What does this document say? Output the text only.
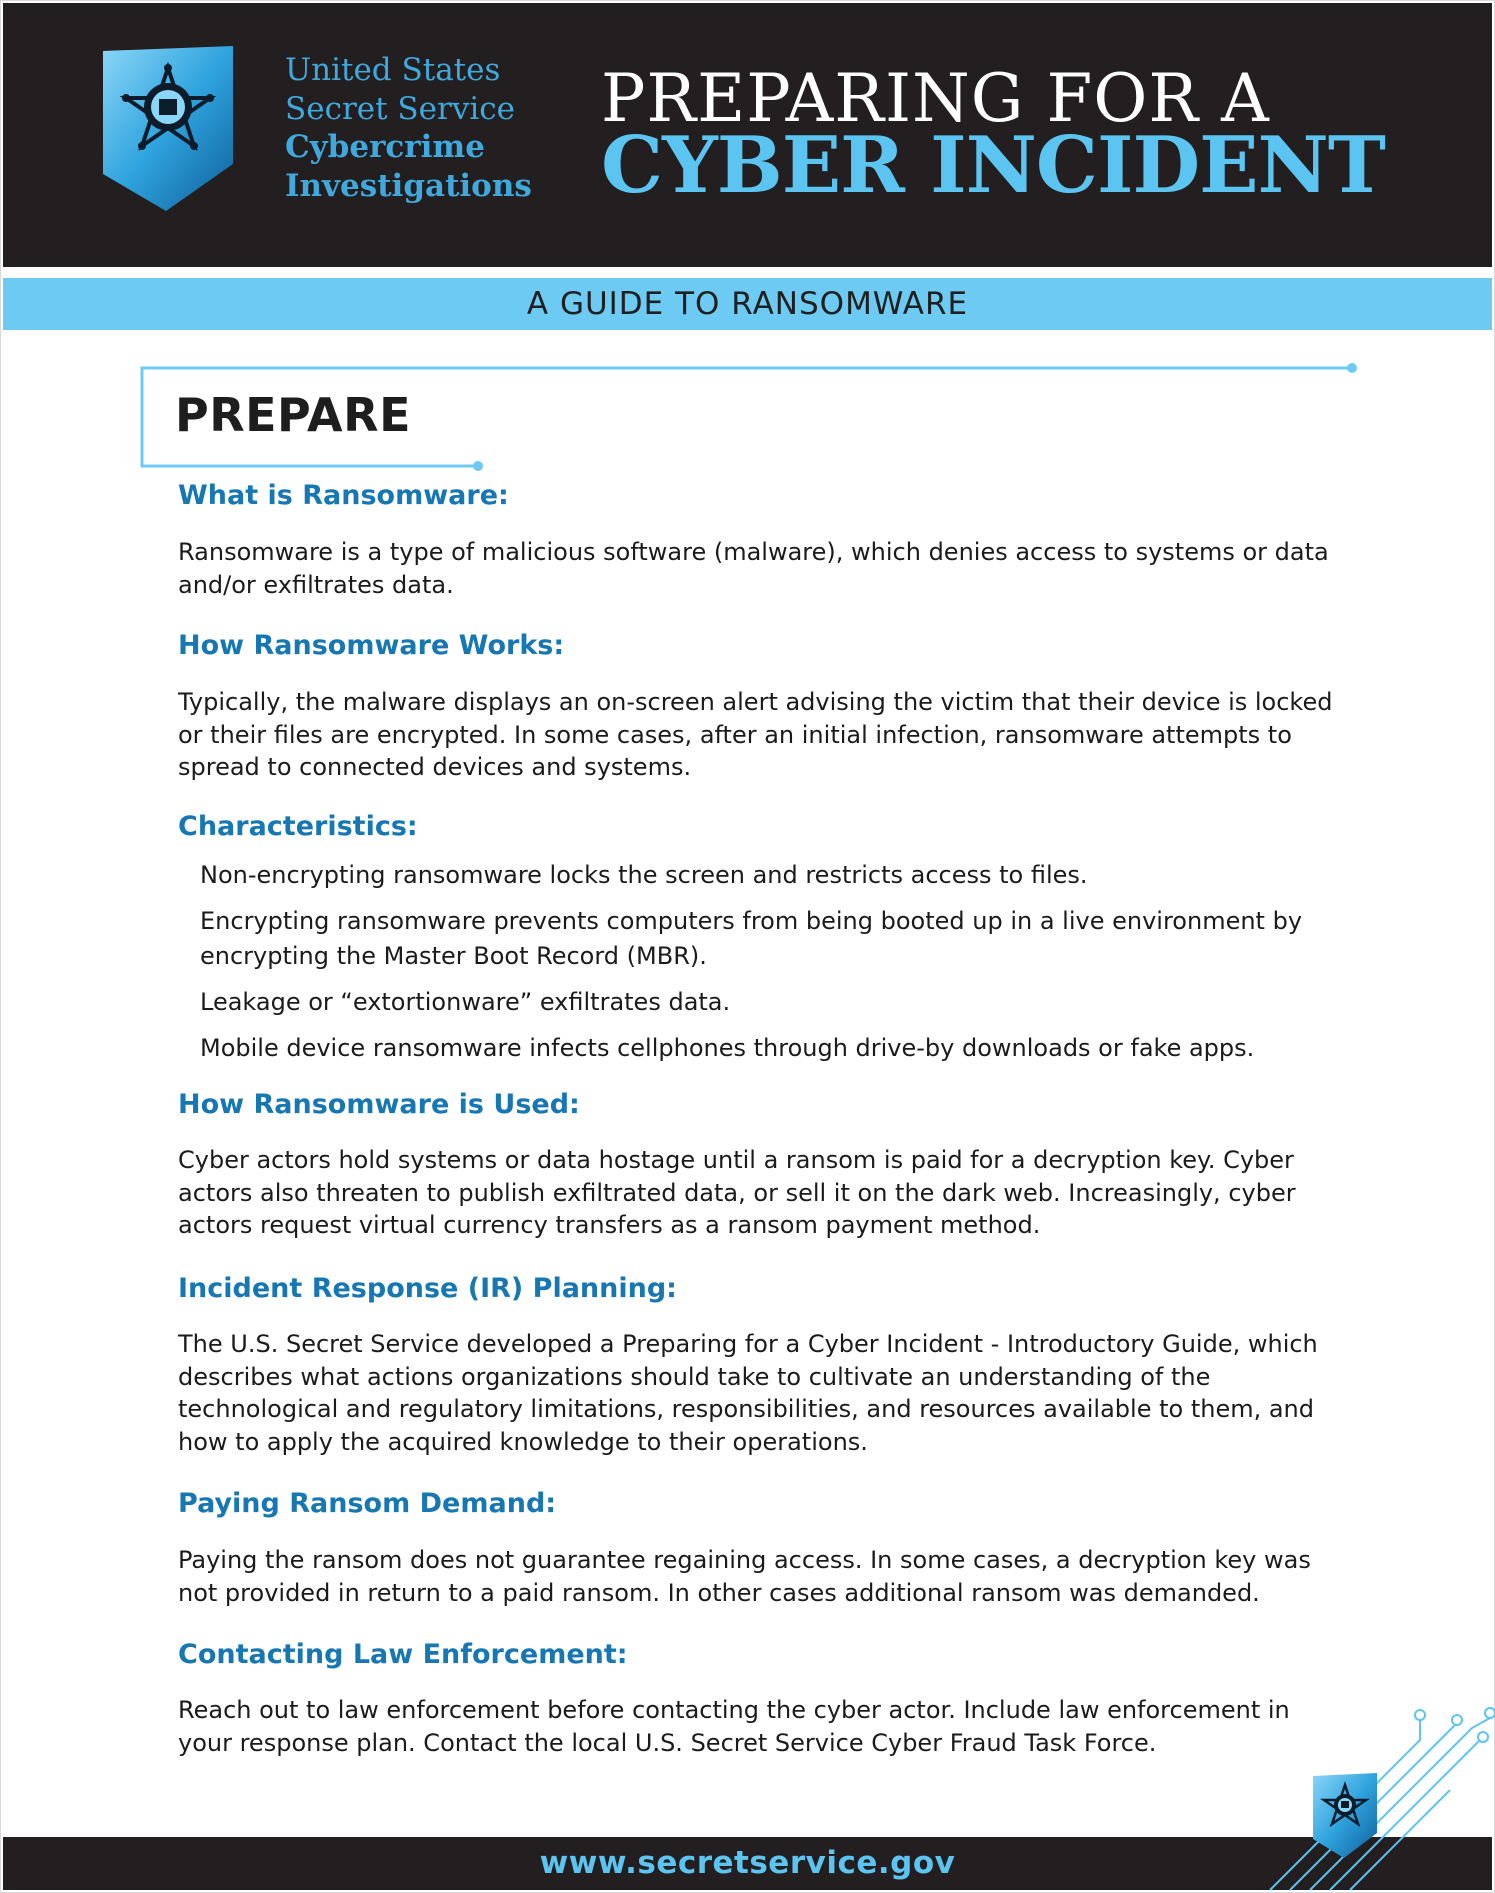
United States
Secret Service
Cybercrime
Investigations
PREPARING FOR A
CYBER INCIDENT
A GUIDE TO RANSOMWARE
PREPARE
What is Ransomware:

Ransomware is a type of malicious software (malware), which denies access to systems or data and/or exfiltrates data.

How Ransomware Works:

Typically, the malware displays an on-screen alert advising the victim that their device is locked or their files are encrypted. In some cases, after an initial infection, ransomware attempts to spread to connected devices and systems.

Characteristics:
Non-encrypting ransomware locks the screen and restricts access to files.
Encrypting ransomware prevents computers from being booted up in a live environment by encrypting the Master Boot Record (MBR).
Leakage or “extortionware” exfiltrates data.
Mobile device ransomware infects cellphones through drive-by downloads or fake apps.
How Ransomware is Used:

Cyber actors hold systems or data hostage until a ransom is paid for a decryption key. Cyber actors also threaten to publish exfiltrated data, or sell it on the dark web. Increasingly, cyber actors request virtual currency transfers as a ransom payment method.

Incident Response (IR) Planning:

The U.S. Secret Service developed a Preparing for a Cyber Incident - Introductory Guide, which describes what actions organizations should take to cultivate an understanding of the technological and regulatory limitations, responsibilities, and resources available to them, and how to apply the acquired knowledge to their operations.

Paying Ransom Demand:

Paying the ransom does not guarantee regaining access. In some cases, a decryption key was not provided in return to a paid ransom. In other cases additional ransom was demanded.

Contacting Law Enforcement:

Reach out to law enforcement before contacting the cyber actor. Include law enforcement in your response plan. Contact the local U.S. Secret Service Cyber Fraud Task Force.

www.secretservice.gov
